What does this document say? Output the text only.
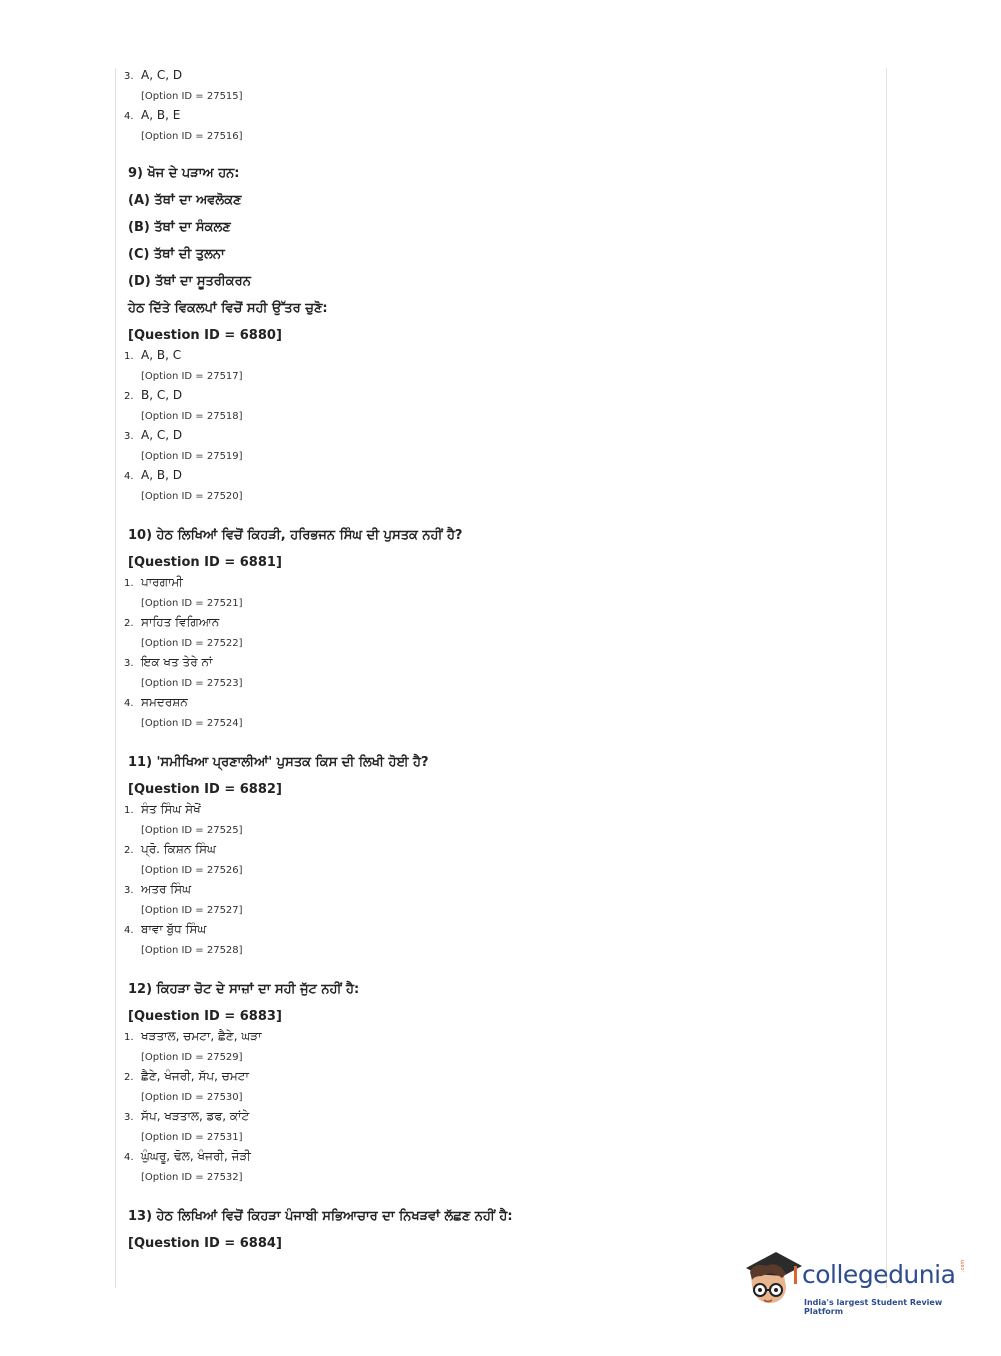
3. A, C, D
[Option ID = 27515]
4. A, B, E
[Option ID = 27516]
9) ਖੋਜ ਦੇ ਪੜਾਅ ਹਨ:
(A) ਤੱਥਾਂ ਦਾ ਅਵਲੋਕਣ
(B) ਤੱਥਾਂ ਦਾ ਸੰਕਲਣ
(C) ਤੱਥਾਂ ਦੀ ਤੁਲਨਾ
(D) ਤੱਥਾਂ ਦਾ ਸੂਤਰੀਕਰਨ
ਹੇਠ ਦਿੱਤੇ ਵਿਕਲਪਾਂ ਵਿਚੋਂ ਸਹੀ ਉੱਤਰ ਚੁਣੋ:
[Question ID = 6880]
1. A, B, C
[Option ID = 27517]
2. B, C, D
[Option ID = 27518]
3. A, C, D
[Option ID = 27519]
4. A, B, D
[Option ID = 27520]
10) ਹੇਠ ਲਿਖਿਆਂ ਵਿਚੋਂ ਕਿਹੜੀ, ਹਰਿਭਜਨ ਸਿੰਘ ਦੀ ਪੁਸਤਕ ਨਹੀਂ ਹੈ?
[Question ID = 6881]
1. ਪਾਰਗਾਮੀ
[Option ID = 27521]
2. ਸਾਹਿਤ ਵਿਗਿਆਨ
[Option ID = 27522]
3. ਇਕ ਖਤ ਤੇਰੇ ਨਾਂ
[Option ID = 27523]
4. ਸਮਦਰਸ਼ਨ
[Option ID = 27524]
11) 'ਸਮੀਖਿਆ ਪ੍ਰਣਾਲੀਆਂ' ਪੁਸਤਕ ਕਿਸ ਦੀ ਲਿਖੀ ਹੋਈ ਹੈ?
[Question ID = 6882]
1. ਸੰਤ ਸਿੰਘ ਸੇਖੋਂ
[Option ID = 27525]
2. ਪ੍ਰੋ. ਕਿਸ਼ਨ ਸਿੰਘ
[Option ID = 27526]
3. ਅਤਰ ਸਿੰਘ
[Option ID = 27527]
4. ਬਾਵਾ ਬੁੱਧ ਸਿੰਘ
[Option ID = 27528]
12) ਕਿਹੜਾ ਚੋਟ ਦੇ ਸਾਜ਼ਾਂ ਦਾ ਸਹੀ ਜੁੱਟ ਨਹੀਂ ਹੈ:
[Question ID = 6883]
1. ਖੜਤਾਲ, ਚਮਟਾ, ਛੈਣੇ, ਘੜਾ
[Option ID = 27529]
2. ਛੈਣੇ, ਖੰਜਰੀ, ਸੱਪ, ਚਮਟਾ
[Option ID = 27530]
3. ਸੱਪ, ਖੜਤਾਲ, ਡਫ, ਕਾਂਟੇ
[Option ID = 27531]
4. ਘੁੰਘਰੂ, ਢੋਲ, ਖੰਜਰੀ, ਜੋੜੀ
[Option ID = 27532]
13) ਹੇਠ ਲਿਖਿਆਂ ਵਿਚੋਂ ਕਿਹੜਾ ਪੰਜਾਬੀ ਸਭਿਆਚਾਰ ਦਾ ਨਿਖੜਵਾਂ ਲੱਛਣ ਨਹੀਂ ਹੈ:
[Question ID = 6884]
collegedunia .com
India's largest Student Review Platform
